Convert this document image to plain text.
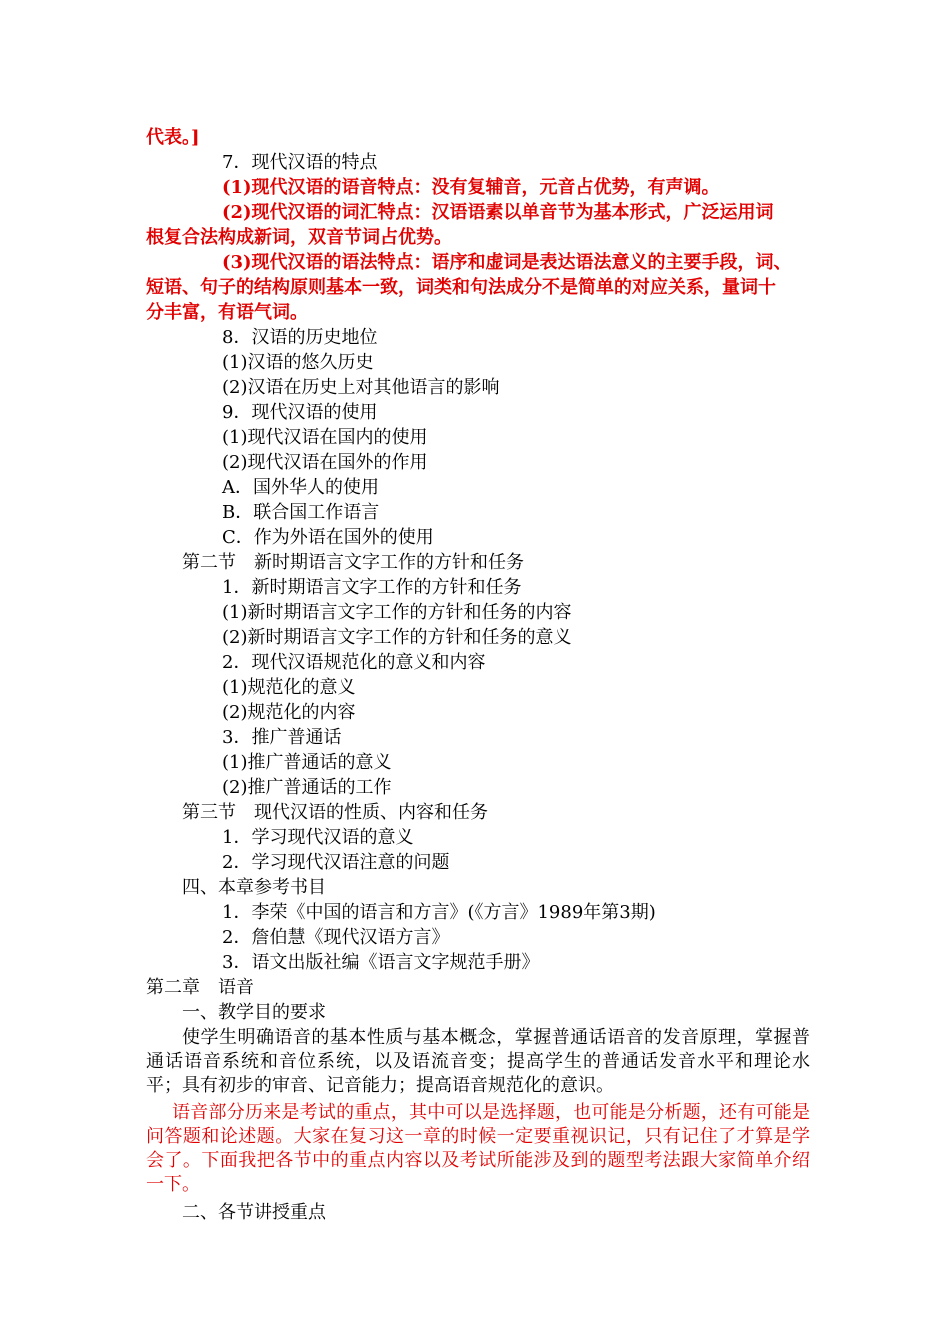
代表。]
7．现代汉语的特点
(1)现代汉语的语音特点：没有复辅音，元音占优势，有声调。
(2)现代汉语的词汇特点：汉语语素以单音节为基本形式，广泛运用词
根复合法构成新词，双音节词占优势。
(3)现代汉语的语法特点：语序和虚词是表达语法意义的主要手段，词、
短语、句子的结构原则基本一致，词类和句法成分不是简单的对应关系，量词十
分丰富，有语气词。
8．汉语的历史地位
(1)汉语的悠久历史
(2)汉语在历史上对其他语言的影响
9．现代汉语的使用
(1)现代汉语在国内的使用
(2)现代汉语在国外的作用
A．国外华人的使用
B．联合国工作语言
C．作为外语在国外的使用
第二节　新时期语言文字工作的方针和任务
1．新时期语言文字工作的方针和任务
(1)新时期语言文字工作的方针和任务的内容
(2)新时期语言文字工作的方针和任务的意义
2．现代汉语规范化的意义和内容
(1)规范化的意义
(2)规范化的内容
3．推广普通话
(1)推广普通话的意义
(2)推广普通话的工作
第三节　现代汉语的性质、内容和任务
1．学习现代汉语的意义
2．学习现代汉语注意的问题
四、本章参考书目
1．李荣《中国的语言和方言》(《方言》1989年第3期)
2．詹伯慧《现代汉语方言》
3．语文出版社编《语言文字规范手册》
第二章　语音
一、教学目的要求
使学生明确语音的基本性质与基本概念，掌握普通话语音的发音原理，掌握普通话语音系统和音位系统，以及语流音变；提高学生的普通话发音水平和理论水平；具有初步的审音、记音能力；提高语音规范化的意识。
语音部分历来是考试的重点，其中可以是选择题，也可能是分析题，还有可能是问答题和论述题。大家在复习这一章的时候一定要重视识记，只有记住了才算是学会了。下面我把各节中的重点内容以及考试所能涉及到的题型考法跟大家简单介绍一下。
二、各节讲授重点
